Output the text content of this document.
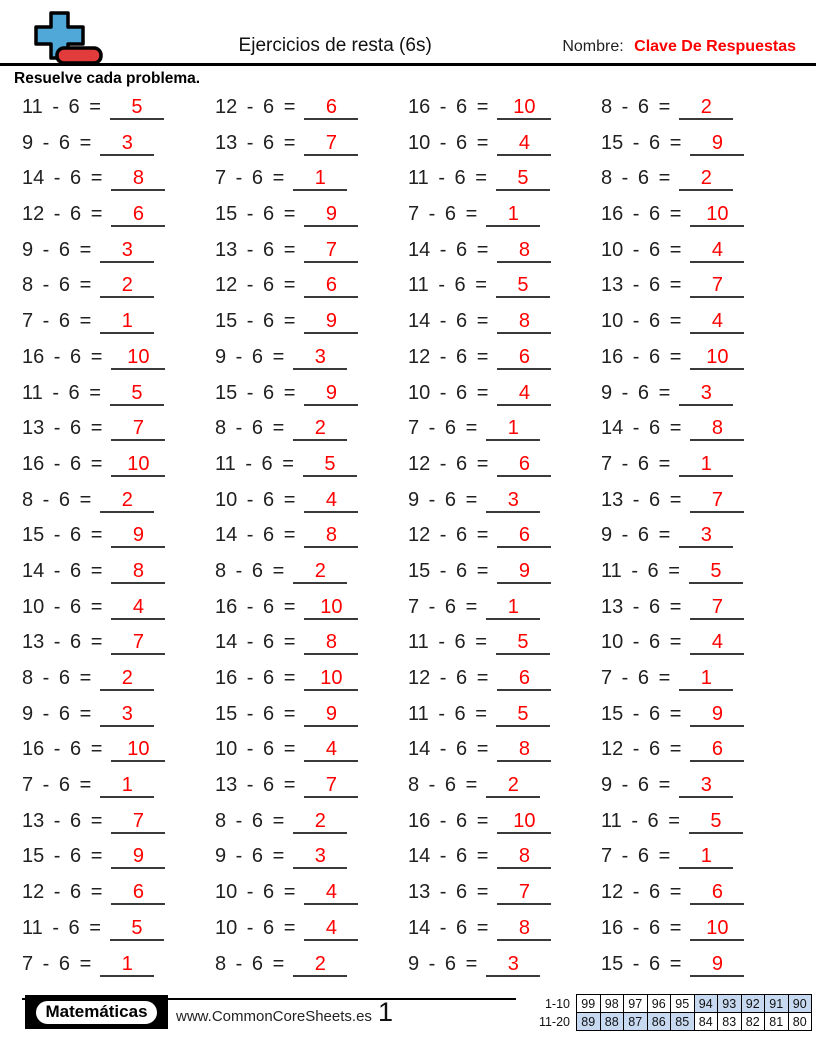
Ejercicios de resta (6s)	Nombre: Clave De Respuestas
Resuelve cada problema.
11 - 6 =	5	12 - 6 =	6	16 - 6 =	10	8 - 6 =	2
9 - 6 =	3	13 - 6 =	7	10 - 6 =	4	15 - 6 =	9
14 - 6 =	8	7 - 6 =	1	11 - 6 =	5	8 - 6 =	2
12 - 6 =	6	15 - 6 =	9	7 - 6 =	1	16 - 6 =	10
9 - 6 =	3	13 - 6 =	7	14 - 6 =	8	10 - 6 =	4
8 - 6 =	2	12 - 6 =	6	11 - 6 =	5	13 - 6 =	7
7 - 6 =	1	15 - 6 =	9	14 - 6 =	8	10 - 6 =	4
16 - 6 =	10	9 - 6 =	3	12 - 6 =	6	16 - 6 =	10
11 - 6 =	5	15 - 6 =	9	10 - 6 =	4	9 - 6 =	3
13 - 6 =	7	8 - 6 =	2	7 - 6 =	1	14 - 6 =	8
16 - 6 =	10	11 - 6 =	5	12 - 6 =	6	7 - 6 =	1
8 - 6 =	2	10 - 6 =	4	9 - 6 =	3	13 - 6 =	7
15 - 6 =	9	14 - 6 =	8	12 - 6 =	6	9 - 6 =	3
14 - 6 =	8	8 - 6 =	2	15 - 6 =	9	11 - 6 =	5
10 - 6 =	4	16 - 6 =	10	7 - 6 =	1	13 - 6 =	7
13 - 6 =	7	14 - 6 =	8	11 - 6 =	5	10 - 6 =	4
8 - 6 =	2	16 - 6 =	10	12 - 6 =	6	7 - 6 =	1
9 - 6 =	3	15 - 6 =	9	11 - 6 =	5	15 - 6 =	9
16 - 6 =	10	10 - 6 =	4	14 - 6 =	8	12 - 6 =	6
7 - 6 =	1	13 - 6 =	7	8 - 6 =	2	9 - 6 =	3
13 - 6 =	7	8 - 6 =	2	16 - 6 =	10	11 - 6 =	5
15 - 6 =	9	9 - 6 =	3	14 - 6 =	8	7 - 6 =	1
12 - 6 =	6	10 - 6 =	4	13 - 6 =	7	12 - 6 =	6
11 - 6 =	5	10 - 6 =	4	14 - 6 =	8	16 - 6 =	10
7 - 6 =	1	8 - 6 =	2	9 - 6 =	3	15 - 6 =	9
Matemáticas	www.CommonCoreSheets.es 1	1-10	99	98	97	96	95	94	93	92	91	90
11-20	89	88	87	86	85	84	83	82	81	80
